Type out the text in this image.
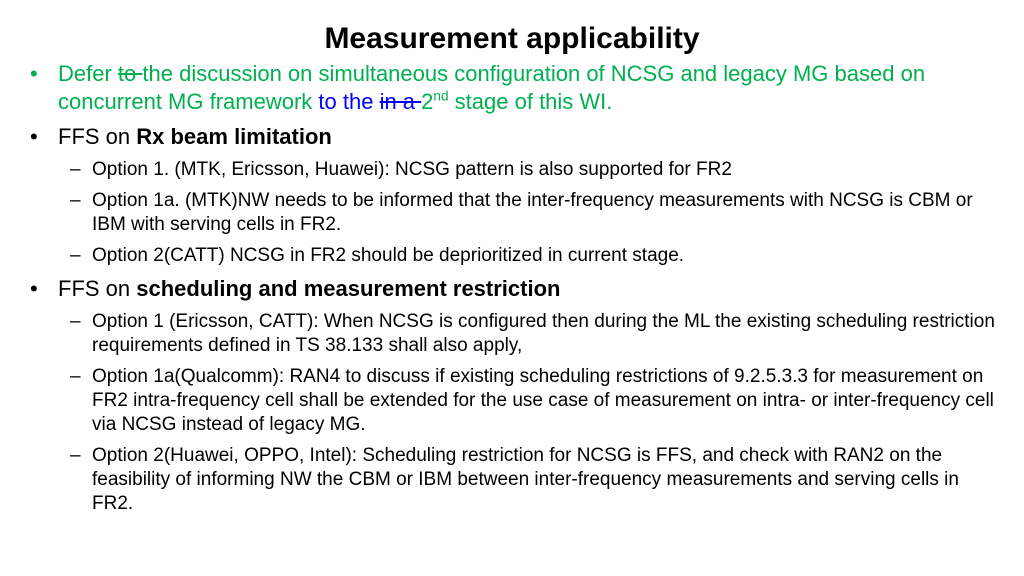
Measurement applicability
• Defer to the discussion on simultaneous configuration of NCSG and legacy MG based on concurrent MG framework to the in a 2nd stage of this WI.
• FFS on Rx beam limitation
– Option 1. (MTK, Ericsson, Huawei): NCSG pattern is also supported for FR2
– Option 1a. (MTK)NW needs to be informed that the inter-frequency measurements with NCSG is CBM or IBM with serving cells in FR2.
– Option 2(CATT) NCSG in FR2 should be deprioritized in current stage.
• FFS on scheduling and measurement restriction
– Option 1 (Ericsson, CATT): When NCSG is configured then during the ML the existing scheduling restriction requirements defined in TS 38.133 shall also apply,
– Option 1a(Qualcomm): RAN4 to discuss if existing scheduling restrictions of 9.2.5.3.3 for measurement on FR2 intra-frequency cell shall be extended for the use case of measurement on intra- or inter-frequency cell via NCSG instead of legacy MG.
– Option 2(Huawei, OPPO, Intel): Scheduling restriction for NCSG is FFS, and check with RAN2 on the feasibility of informing NW the CBM or IBM between inter-frequency measurements and serving cells in FR2.
